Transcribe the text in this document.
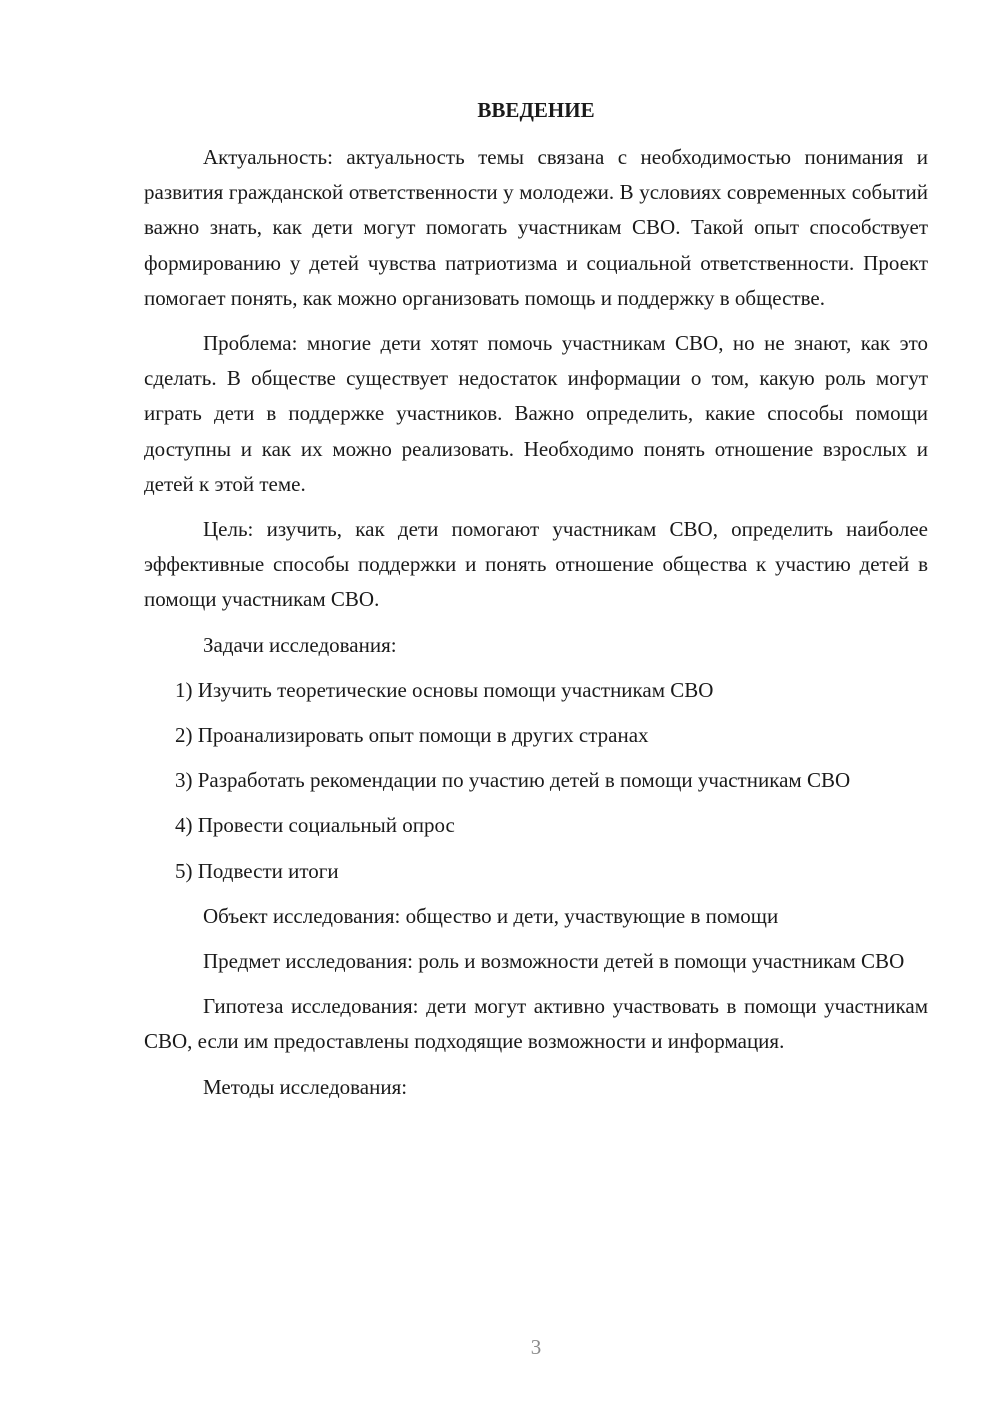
ВВЕДЕНИЕ

Актуальность: актуальность темы связана с необходимостью понимания и развития гражданской ответственности у молодежи. В условиях современных событий важно знать, как дети могут помогать участникам СВО. Такой опыт способствует формированию у детей чувства патриотизма и социальной ответственности. Проект помогает понять, как можно организовать помощь и поддержку в обществе.

Проблема: многие дети хотят помочь участникам СВО, но не знают, как это сделать. В обществе существует недостаток информации о том, какую роль могут играть дети в поддержке участников. Важно определить, какие способы помощи доступны и как их можно реализовать. Необходимо понять отношение взрослых и детей к этой теме.

Цель: изучить, как дети помогают участникам СВО, определить наиболее эффективные способы поддержки и понять отношение общества к участию детей в помощи участникам СВО.

Задачи исследования:

1) Изучить теоретические основы помощи участникам СВО

2) Проанализировать опыт помощи в других странах

3) Разработать рекомендации по участию детей в помощи участникам СВО

4) Провести социальный опрос

5) Подвести итоги

Объект исследования: общество и дети, участвующие в помощи

Предмет исследования: роль и возможности детей в помощи участникам СВО

Гипотеза исследования: дети могут активно участвовать в помощи участникам СВО, если им предоставлены подходящие возможности и информация.

Методы исследования:

3
